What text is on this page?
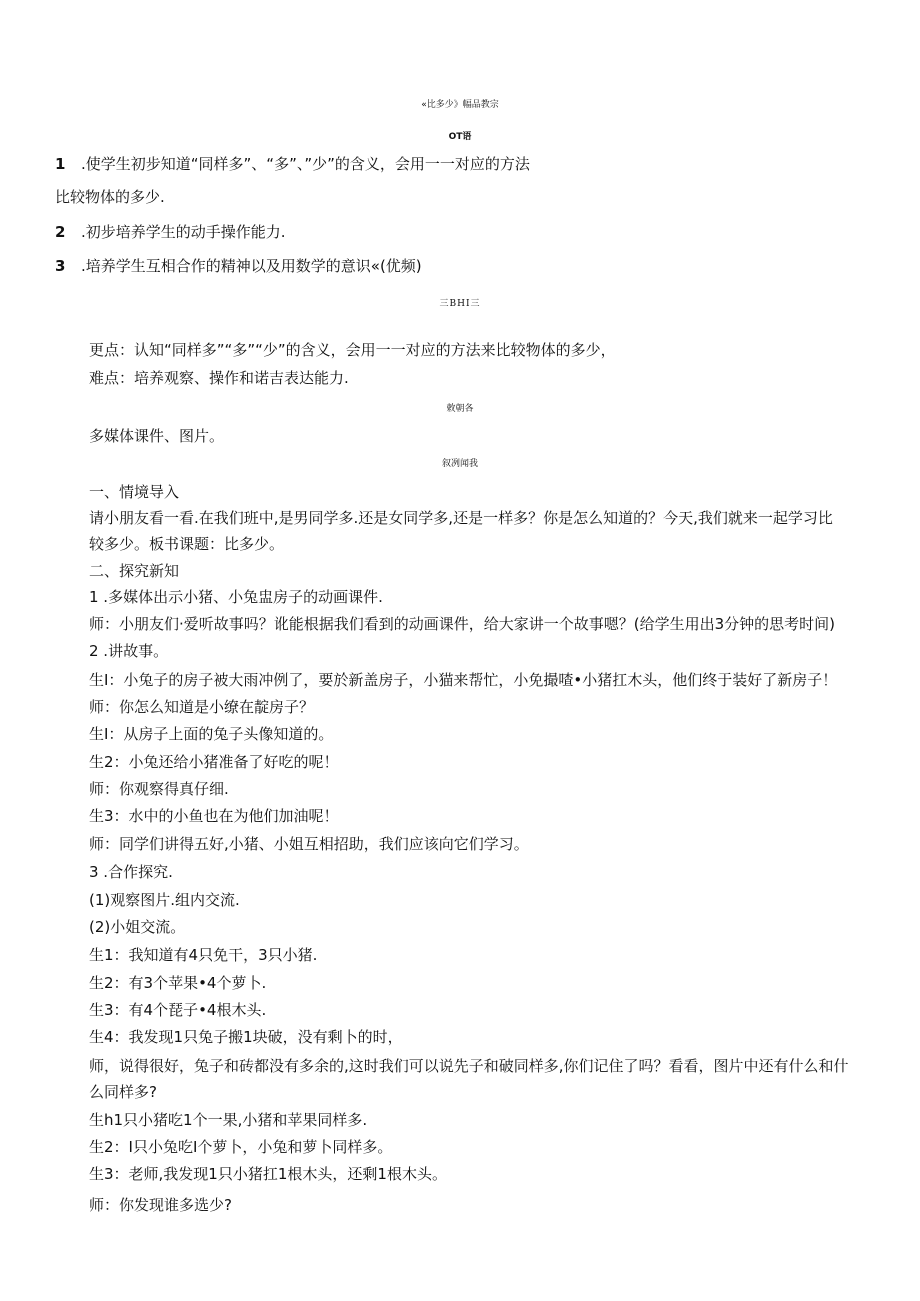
«比多少》幅品教宗
OT语
1 .使学生初步知道“同样多”、“多”、”少”的含义，会用一一对应的方法
比较物体的多少.
2 .初步培养学生的动手操作能力.
3 .培养学生互相合作的精神以及用数学的意识«(优频)
三BHI三
更点：认知“同样多”“多”“少”的含义，会用一一对应的方法来比较物体的多少，
难点：培养观察、操作和诺吉表达能力.
敕朝各
多媒体课件、图片。
叙冽闻我
一、情境导入
请小朋友看一看.在我们班中,是男同学多.还是女同学多,还是一样多？你是怎么知道的？今天,我们就来一起学习比
较多少。板书课题：比多少。
二、探究新知
1 .多媒体出示小猪、小兔盅房子的动画课件.
师：小朋友们·爱听故事吗？讹能根据我们看到的动画课件，给大家讲一个故事嗯？(给学生用出3分钟的思考时间)
2 .讲故事。
生I：小兔子的房子被大雨冲例了，要於新盖房子，小猫来帮忙，小免撮喳•小猪扛木头，他们终于装好了新房子！
师：你怎么知道是小缭在靛房子？
生I：从房子上面的兔子头像知道的。
生2：小兔还给小猪准备了好吃的呢！
师：你观察得真仔细.
生3：水中的小鱼也在为他们加油呢！
师：同学们讲得五好,小猪、小姐互相招助，我们应该向它们学习。
3 .合作探究.
(1)观察图片.组内交流.
(2)小姐交流。
生1：我知道有4只免干，3只小猪.
生2：有3个苹果•4个萝卜.
生3：有4个琵子•4根木头.
生4：我发现1只兔子搬1块破，没有剩卜的时，
师，说得很好，兔子和砖都没有多余的,这时我们可以说先子和破同样多,你们记住了吗？看看，图片中还有什么和什
么同样多?
生h1只小猪吃1个一果,小猪和苹果同样多.
生2：I只小兔吃I个萝卜，小兔和萝卜同样多。
生3：老师,我发现1只小猪扛1根木头，还剩1根木头。
师：你发现谁多选少?
